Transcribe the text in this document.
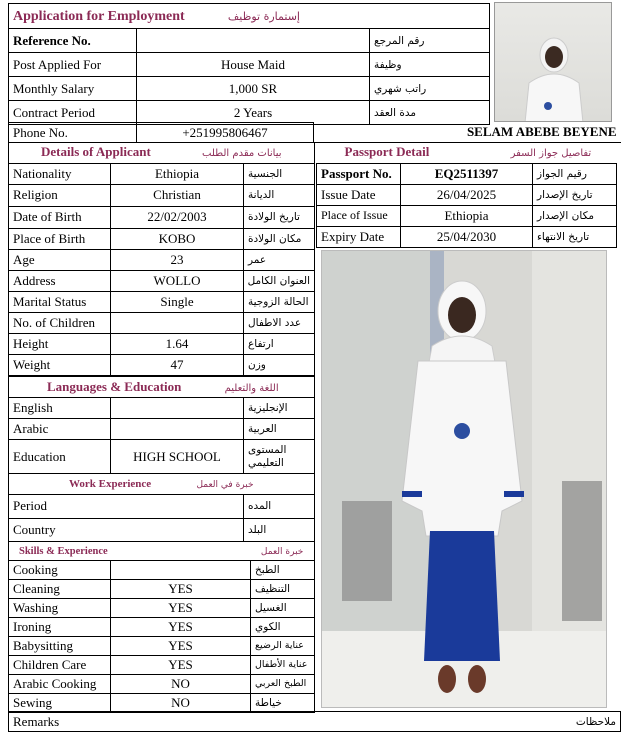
Application for Employment إستمارة توظيف		
Reference No.		رقم المرجع
Post Applied For	House Maid	وظيفة
Monthly Salary	1,000 SR	راتب شهري
Contract Period	2 Years	مدة العقد
Phone No.	+251995806467	SELAM ABEBE BEYENE
Details of Applicant بيانات مقدم الطلب		
Nationality	Ethiopia	الجنسية
Religion	Christian	الديانة
Date of Birth	22/02/2003	تاريخ الولادة
Place of Birth	KOBO	مكان الولادة
Age	23	عمر
Address	WOLLO	العنوان الكامل
Marital Status	Single	الحالة الزوجية
No. of Children		عدد الاطفال
Height	1.64	ارتفاع
Weight	47	وزن
Passport Detail تفاصيل جواز السفر		
Passport No.	EQ2511397	رقيم الجواز
Issue Date	26/04/2025	تاريخ الإصدار
Place of Issue	Ethiopia	مكان الإصدار
Expiry Date	25/04/2030	تاريخ الانتهاء
Languages & Education اللغة والتعليم		
English		الإنجليزية
Arabic		العربية
Education	HIGH SCHOOL	المستوى التعليمي
Work Experience خبرة في العمل	
Period	المده
Country	البلد
Skills & Experience خبرة العمل		
Cooking		الطبخ
Cleaning	YES	التنظيف
Washing	YES	الغسيل
Ironing	YES	الكوي
Babysitting	YES	عناية الرضيع
Children Care	YES	عناية الأطفال
Arabic Cooking	NO	الطبخ العربي
Sewing	NO	خياطة
Remarks	ملاحظات
